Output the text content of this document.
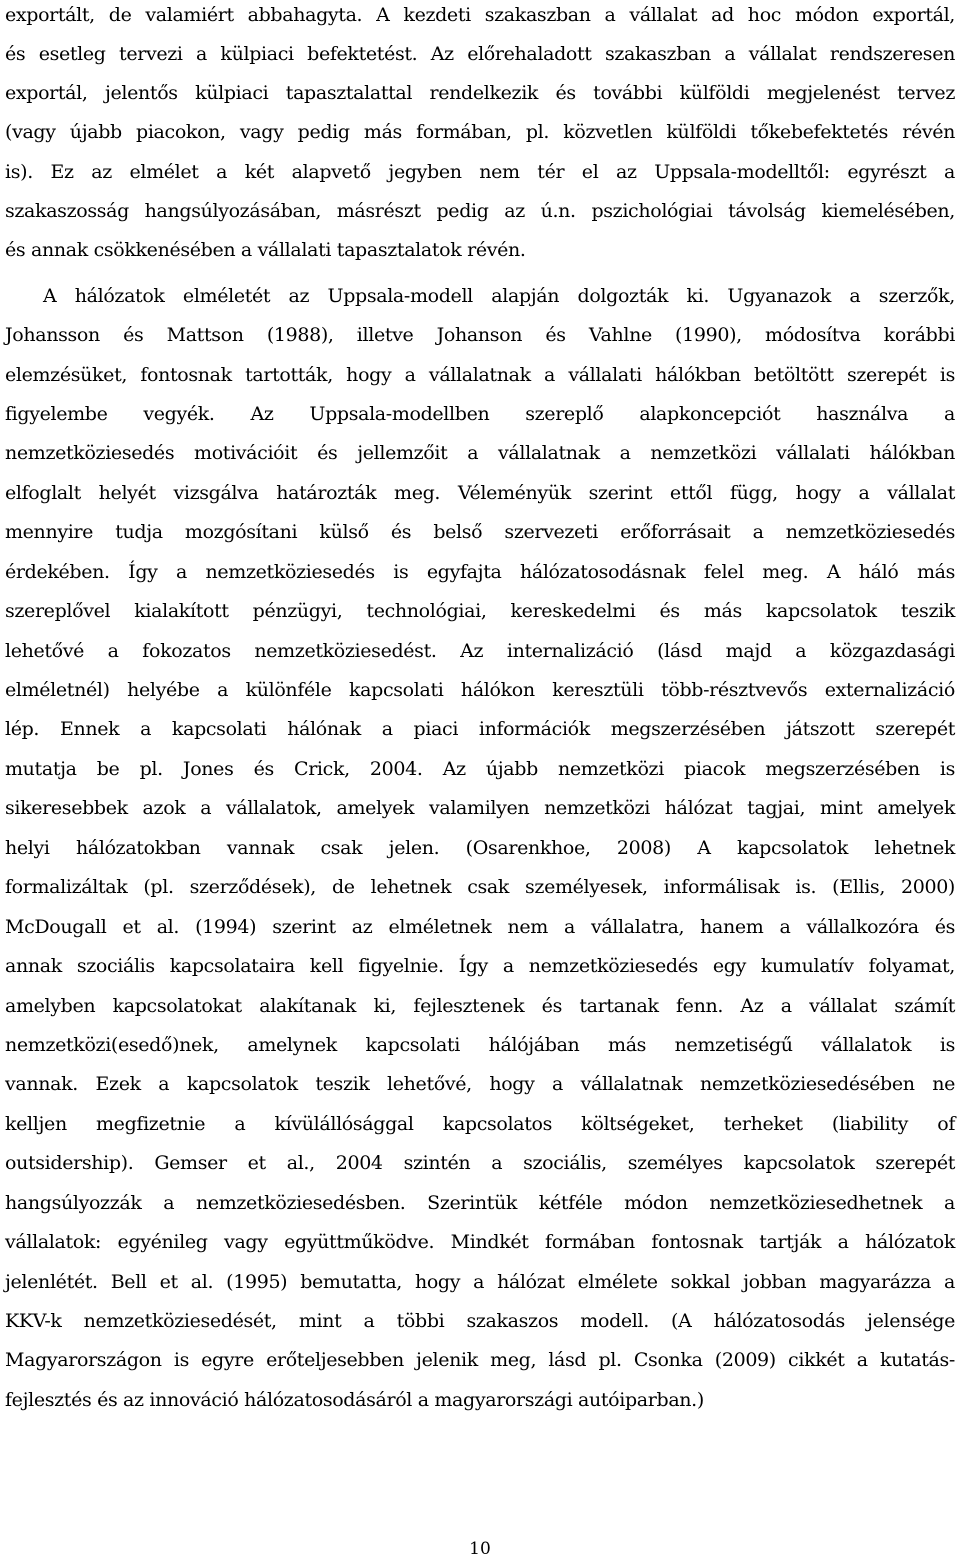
exportált, de valamiért abbahagyta. A kezdeti szakaszban a vállalat ad hoc módon exportál,
és esetleg tervezi a külpiaci befektetést. Az előrehaladott szakaszban a vállalat rendszeresen
exportál, jelentős külpiaci tapasztalattal rendelkezik és további külföldi megjelenést tervez
(vagy újabb piacokon, vagy pedig más formában, pl. közvetlen külföldi tőkebefektetés révén
is). Ez az elmélet a két alapvető jegyben nem tér el az Uppsala-modelltől: egyrészt a
szakaszosság hangsúlyozásában, másrészt pedig az ú.n. pszichológiai távolság kiemelésében,
és annak csökkenésében a vállalati tapasztalatok révén.
A hálózatok elméletét az Uppsala-modell alapján dolgozták ki. Ugyanazok a szerzők,
Johansson és Mattson (1988), illetve Johanson és Vahlne (1990), módosítva korábbi
elemzésüket, fontosnak tartották, hogy a vállalatnak a vállalati hálókban betöltött szerepét is
figyelembe vegyék. Az Uppsala-modellben szereplő alapkoncepciót használva a
nemzetköziesedés motivációit és jellemzőit a vállalatnak a nemzetközi vállalati hálókban
elfoglalt helyét vizsgálva határozták meg. Véleményük szerint ettől függ, hogy a vállalat
mennyire tudja mozgósítani külső és belső szervezeti erőforrásait a nemzetköziesedés
érdekében. Így a nemzetköziesedés is egyfajta hálózatosodásnak felel meg. A háló más
szereplővel kialakított pénzügyi, technológiai, kereskedelmi és más kapcsolatok teszik
lehetővé a fokozatos nemzetköziesedést. Az internalizáció (lásd majd a közgazdasági
elméletnél) helyébe a különféle kapcsolati hálókon keresztüli több-résztvevős externalizáció
lép. Ennek a kapcsolati hálónak a piaci információk megszerzésében játszott szerepét
mutatja be pl. Jones és Crick, 2004. Az újabb nemzetközi piacok megszerzésében is
sikeresebbek azok a vállalatok, amelyek valamilyen nemzetközi hálózat tagjai, mint amelyek
helyi hálózatokban vannak csak jelen. (Osarenkhoe, 2008) A kapcsolatok lehetnek
formalizáltak (pl. szerződések), de lehetnek csak személyesek, informálisak is. (Ellis, 2000)
McDougall et al. (1994) szerint az elméletnek nem a vállalatra, hanem a vállalkozóra és
annak szociális kapcsolataira kell figyelnie. Így a nemzetköziesedés egy kumulatív folyamat,
amelyben kapcsolatokat alakítanak ki, fejlesztenek és tartanak fenn. Az a vállalat számít
nemzetközi(esedő)nek, amelynek kapcsolati hálójában más nemzetiségű vállalatok is
vannak. Ezek a kapcsolatok teszik lehetővé, hogy a vállalatnak nemzetköziesedésében ne
kelljen megfizetnie a kívülállósággal kapcsolatos költségeket, terheket (liability of
outsidership). Gemser et al., 2004 szintén a szociális, személyes kapcsolatok szerepét
hangsúlyozzák a nemzetköziesedésben. Szerintük kétféle módon nemzetköziesedhetnek a
vállalatok: egyénileg vagy együttműködve. Mindkét formában fontosnak tartják a hálózatok
jelenlétét. Bell et al. (1995) bemutatta, hogy a hálózat elmélete sokkal jobban magyarázza a
KKV-k nemzetköziesedését, mint a többi szakaszos modell. (A hálózatosodás jelensége
Magyarországon is egyre erőteljesebben jelenik meg, lásd pl. Csonka (2009) cikkét a kutatás-
fejlesztés és az innováció hálózatosodásáról a magyarországi autóiparban.)
10
